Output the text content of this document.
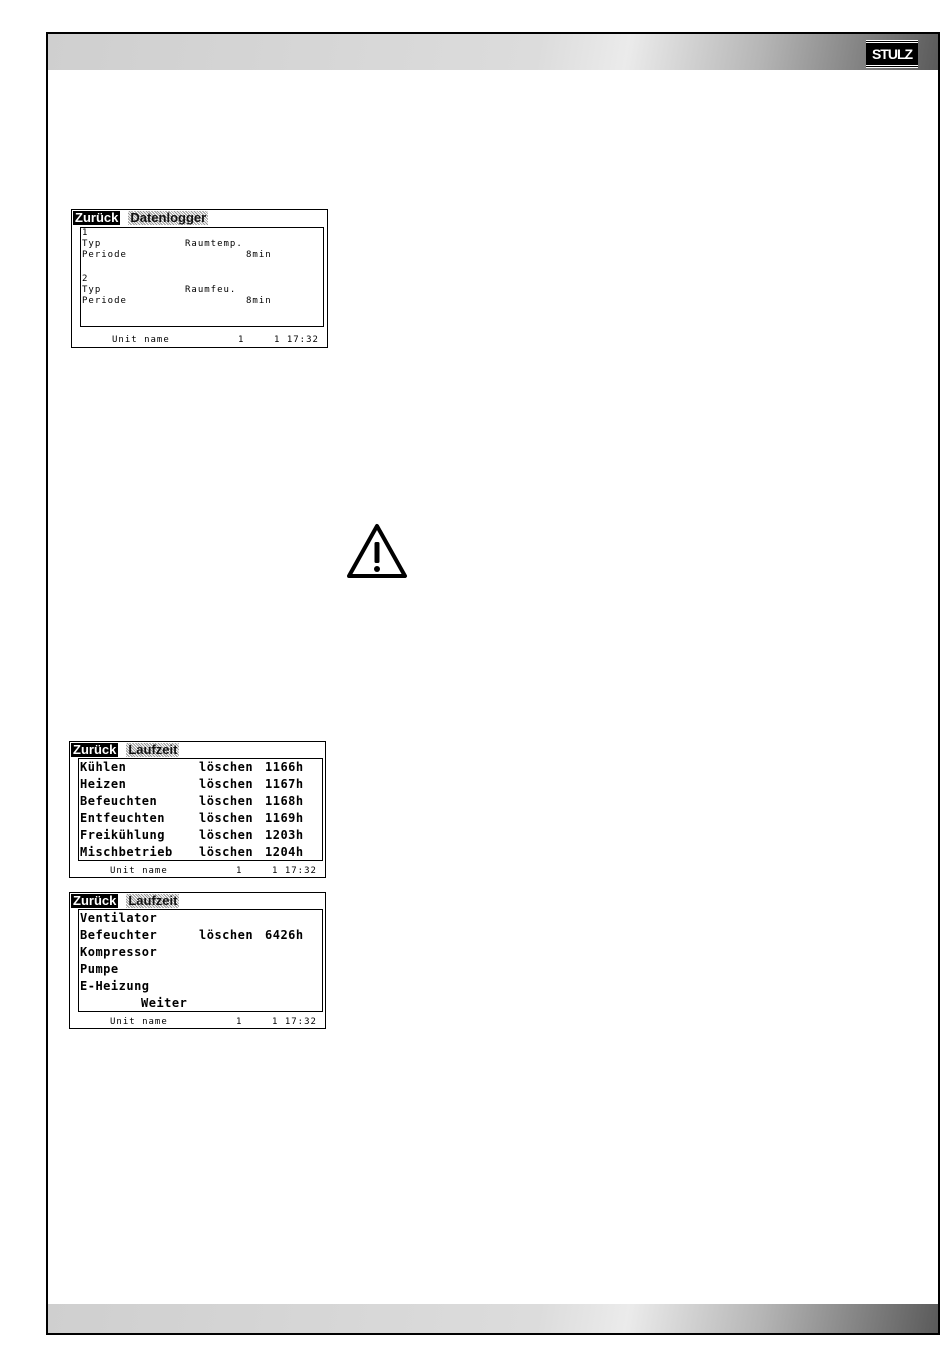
STULZ
Zurück Datenlogger
1
Typ	Raumtemp.
Periode	8min
2
Typ	Raumfeu.
Periode	8min
Unit name	1	1 17:32
Zurück Laufzeit
Kühlen	löschen 1166h
Heizen	löschen 1167h
Befeuchten	löschen 1168h
Entfeuchten	löschen 1169h
Freikühlung	löschen 1203h
Mischbetrieb löschen 1204h
Unit name	1	1 17:32
Zurück Laufzeit
Ventilator
Befeuchter	löschen 6426h
Kompressor
Pumpe
E-Heizung
Weiter
Unit name	1	1 17:32
